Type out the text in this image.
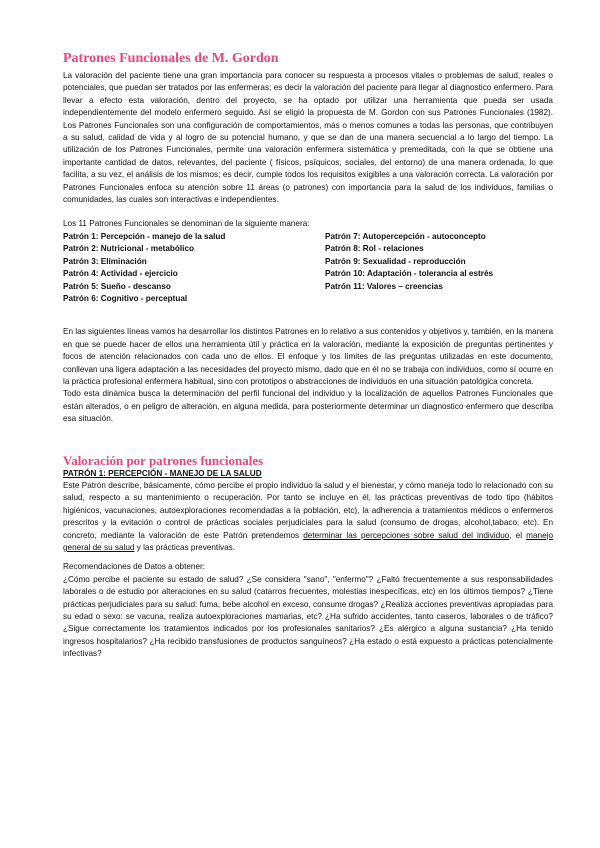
Patrones Funcionales de M. Gordon

La valoración del paciente tiene una gran importancia para conocer su respuesta a procesos vitales o problemas de salud, reales o potenciales, que puedan ser tratados por las enfermeras; es decir la valoración del paciente para llegar al diagnostico enfermero. Para llevar a efecto esta valoración, dentro del proyecto, se ha optado por utilizar una herramienta que pueda ser usada independientemente del modelo enfermero seguido. Así se eligió la propuesta de M. Gordon con sus Patrones Funcionales (1982). Los Patrones Funcionales son una configuración de comportamientos, más o menos comunes a todas las personas, que contribuyen a su salud, calidad de vida y al logro de su potencial humano, y que se dan de una manera secuencial a lo largo del tiempo. La utilización de los Patrones Funcionales, permite una valoración enfermera sistemática y premeditada, con la que se obtiene una importante cantidad de datos, relevantes, del paciente ( físicos, psíquicos, sociales, del entorno) de una manera ordenada, lo que facilita, a su vez, el análisis de los mismos; es decir, cumple todos los requisitos exigibles a una valoración correcta. La valoración por Patrones Funcionales enfoca su atención sobre 11 áreas (o patrones) con importancia para la salud de los individuos, familias o comunidades, las cuales son interactivas e independientes.

Los 11 Patrones Funcionales se denominan de la siguiente manera:

Patrón 1: Percepción - manejo de la salud
Patrón 2: Nutricional - metabólico
Patrón 3: Eliminación
Patrón 4: Actividad - ejercicio
Patrón 5: Sueño - descanso
Patrón 6: Cognitivo - perceptual
Patrón 7: Autopercepción - autoconcepto
Patrón 8: Rol - relaciones
Patrón 9: Sexualidad - reproducción
Patrón 10: Adaptación - tolerancia al estrés
Patrón 11: Valores – creencias

En las siguientes líneas vamos ha desarrollar los distintos Patrones en lo relativo a sus contenidos y objetivos y, también, en la manera en que se puede hacer de ellos una herramienta útil y práctica en la valoración, mediante la exposición de preguntas pertinentes y focos de atención relacionados con cada uno de ellos. El enfoque y los límites de las preguntas utilizadas en este documento, conllevan una ligera adaptación a las necesidades del proyecto mismo, dado que en él no se trabaja con individuos, como sí ocurre en la práctica profesional enfermera habitual, sino con prototipos o abstracciones de individuos en una situación patológica concreta.

Todo esta dinámica busca la determinación del perfil funcional del individuo y la localización de aquellos Patrones Funcionales que están alterados, o en peligro de alteración, en alguna medida, para posteriormente determinar un diagnostico enfermero que describa esa situación.

Valoración por patrones funcionales

PATRÓN 1: PERCEPCIÓN - MANEJO DE LA SALUD

Este Patrón describe, básicamente, cómo percibe el propio individuo la salud y el bienestar, y cómo maneja todo lo relacionado con su salud, respecto a su mantenimiento o recuperación. Por tanto se incluye en él, las prácticas preventivas de todo tipo (hábitos higiénicos, vacunaciones, autoexploraciones recomendadas a la población, etc), la adherencia a tratamientos médicos o enfermeros prescritos y la evitación o control de prácticas sociales perjudiciales para la salud (consumo de drogas, alcohol,tabaco, etc). En concreto, mediante la valoración de este Patrón pretendemos determinar las percepciones sobre salud del individuo, el manejo general de su salud y las prácticas preventivas.

Recomendaciones de Datos a obtener:

¿Cómo percibe el paciente su estado de salud? ¿Se considera "sano", "enfermo"? ¿Faltó frecuentemente a sus responsabilidades laborales o de estudio por alteraciones en su salud (catarros frecuentes, molestias inespecíficas, etc) en los últimos tiempos? ¿Tiene prácticas perjudiciales para su salud: fuma, bebe alcohol en exceso, consume drogas? ¿Realiza acciones preventivas apropiadas para su edad o sexo: se vacuna, realiza autoexploraciones mamarias, etc? ¿Ha sufrido accidentes, tanto caseros, laborales o de tráfico? ¿Sigue correctamente los tratamientos indicados por los profesionales sanitarios? ¿Es alérgico a alguna sustancia? ¿Ha tenido ingresos hospitalarios? ¿Ha recibido transfusiones de productos sanguíneos? ¿Ha estado o está expuesto a prácticas potencialmente infectivas?
